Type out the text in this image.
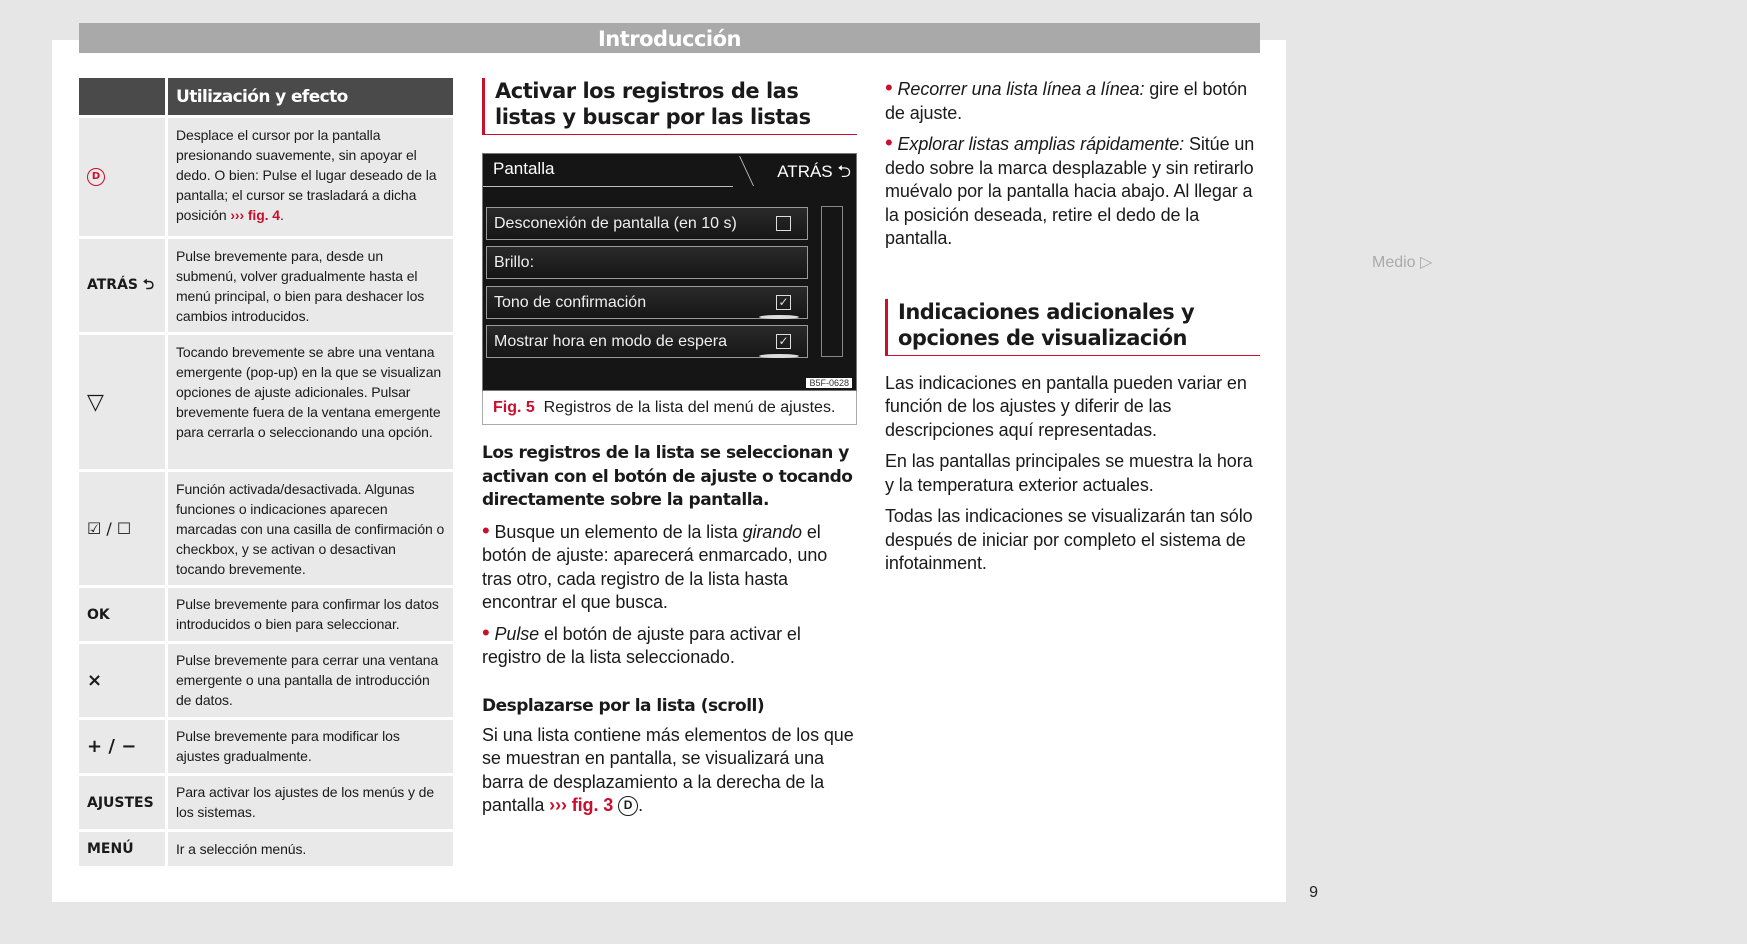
Introducción
Utilización y efecto
D
Desplace el cursor por la pantalla presionando suavemente, sin apoyar el dedo. O bien: Pulse el lugar deseado de la pantalla; el cursor se trasladará a dicha posición ››› fig. 4.
ATRÁS ⮌
Pulse brevemente para, desde un submenú, volver gradualmente hasta el menú principal, o bien para deshacer los cambios introducidos.
▽
Tocando brevemente se abre una ventana emergente (pop-up) en la que se visualizan opciones de ajuste adicionales. Pulsar brevemente fuera de la ventana emergente para cerrarla o seleccionando una opción.
☑ / ☐
Función activada/desactivada. Algunas funciones o indicaciones aparecen marcadas con una casilla de confirmación o checkbox, y se activan o desactivan tocando brevemente.
OK
Pulse brevemente para confirmar los datos introducidos o bien para seleccionar.
×
Pulse brevemente para cerrar una ventana emergente o una pantalla de introducción de datos.
+ / −	Pulse brevemente para modificar los ajustes gradualmente.
AJUSTES
Para activar los ajustes de los menús y de los sistemas.
MENÚ	Ir a selección menús.
Activar los registros de las listas y buscar por las listas
Pantalla	ATRÁS ⮌
Desconexión de pantalla (en 10 s)
Brillo:	Medio ▷
Tono de confirmación	✓
Mostrar hora en modo de espera	✓
B5F-0628
Fig. 5 Registros de la lista del menú de ajustes.
Los registros de la lista se seleccionan y activan con el botón de ajuste o tocando directamente sobre la pantalla.
• Busque un elemento de la lista girando el botón de ajuste: aparecerá enmarcado, uno tras otro, cada registro de la lista hasta encontrar el que busca.
• Pulse el botón de ajuste para activar el registro de la lista seleccionado.
Desplazarse por la lista (scroll)
Si una lista contiene más elementos de los que se muestran en pantalla, se visualizará una barra de desplazamiento a la derecha de la pantalla ››› fig. 3 D .
• Recorrer una lista línea a línea: gire el botón de ajuste.
• Explorar listas amplias rápidamente: Sitúe un dedo sobre la marca desplazable y sin retirarlo muévalo por la pantalla hacia abajo. Al llegar a la posición deseada, retire el dedo de la pantalla.
Indicaciones adicionales y opciones de visualización
Las indicaciones en pantalla pueden variar en función de los ajustes y diferir de las descripciones aquí representadas.
En las pantallas principales se muestra la hora y la temperatura exterior actuales.
Todas las indicaciones se visualizarán tan sólo después de iniciar por completo el sistema de infotainment.
9
